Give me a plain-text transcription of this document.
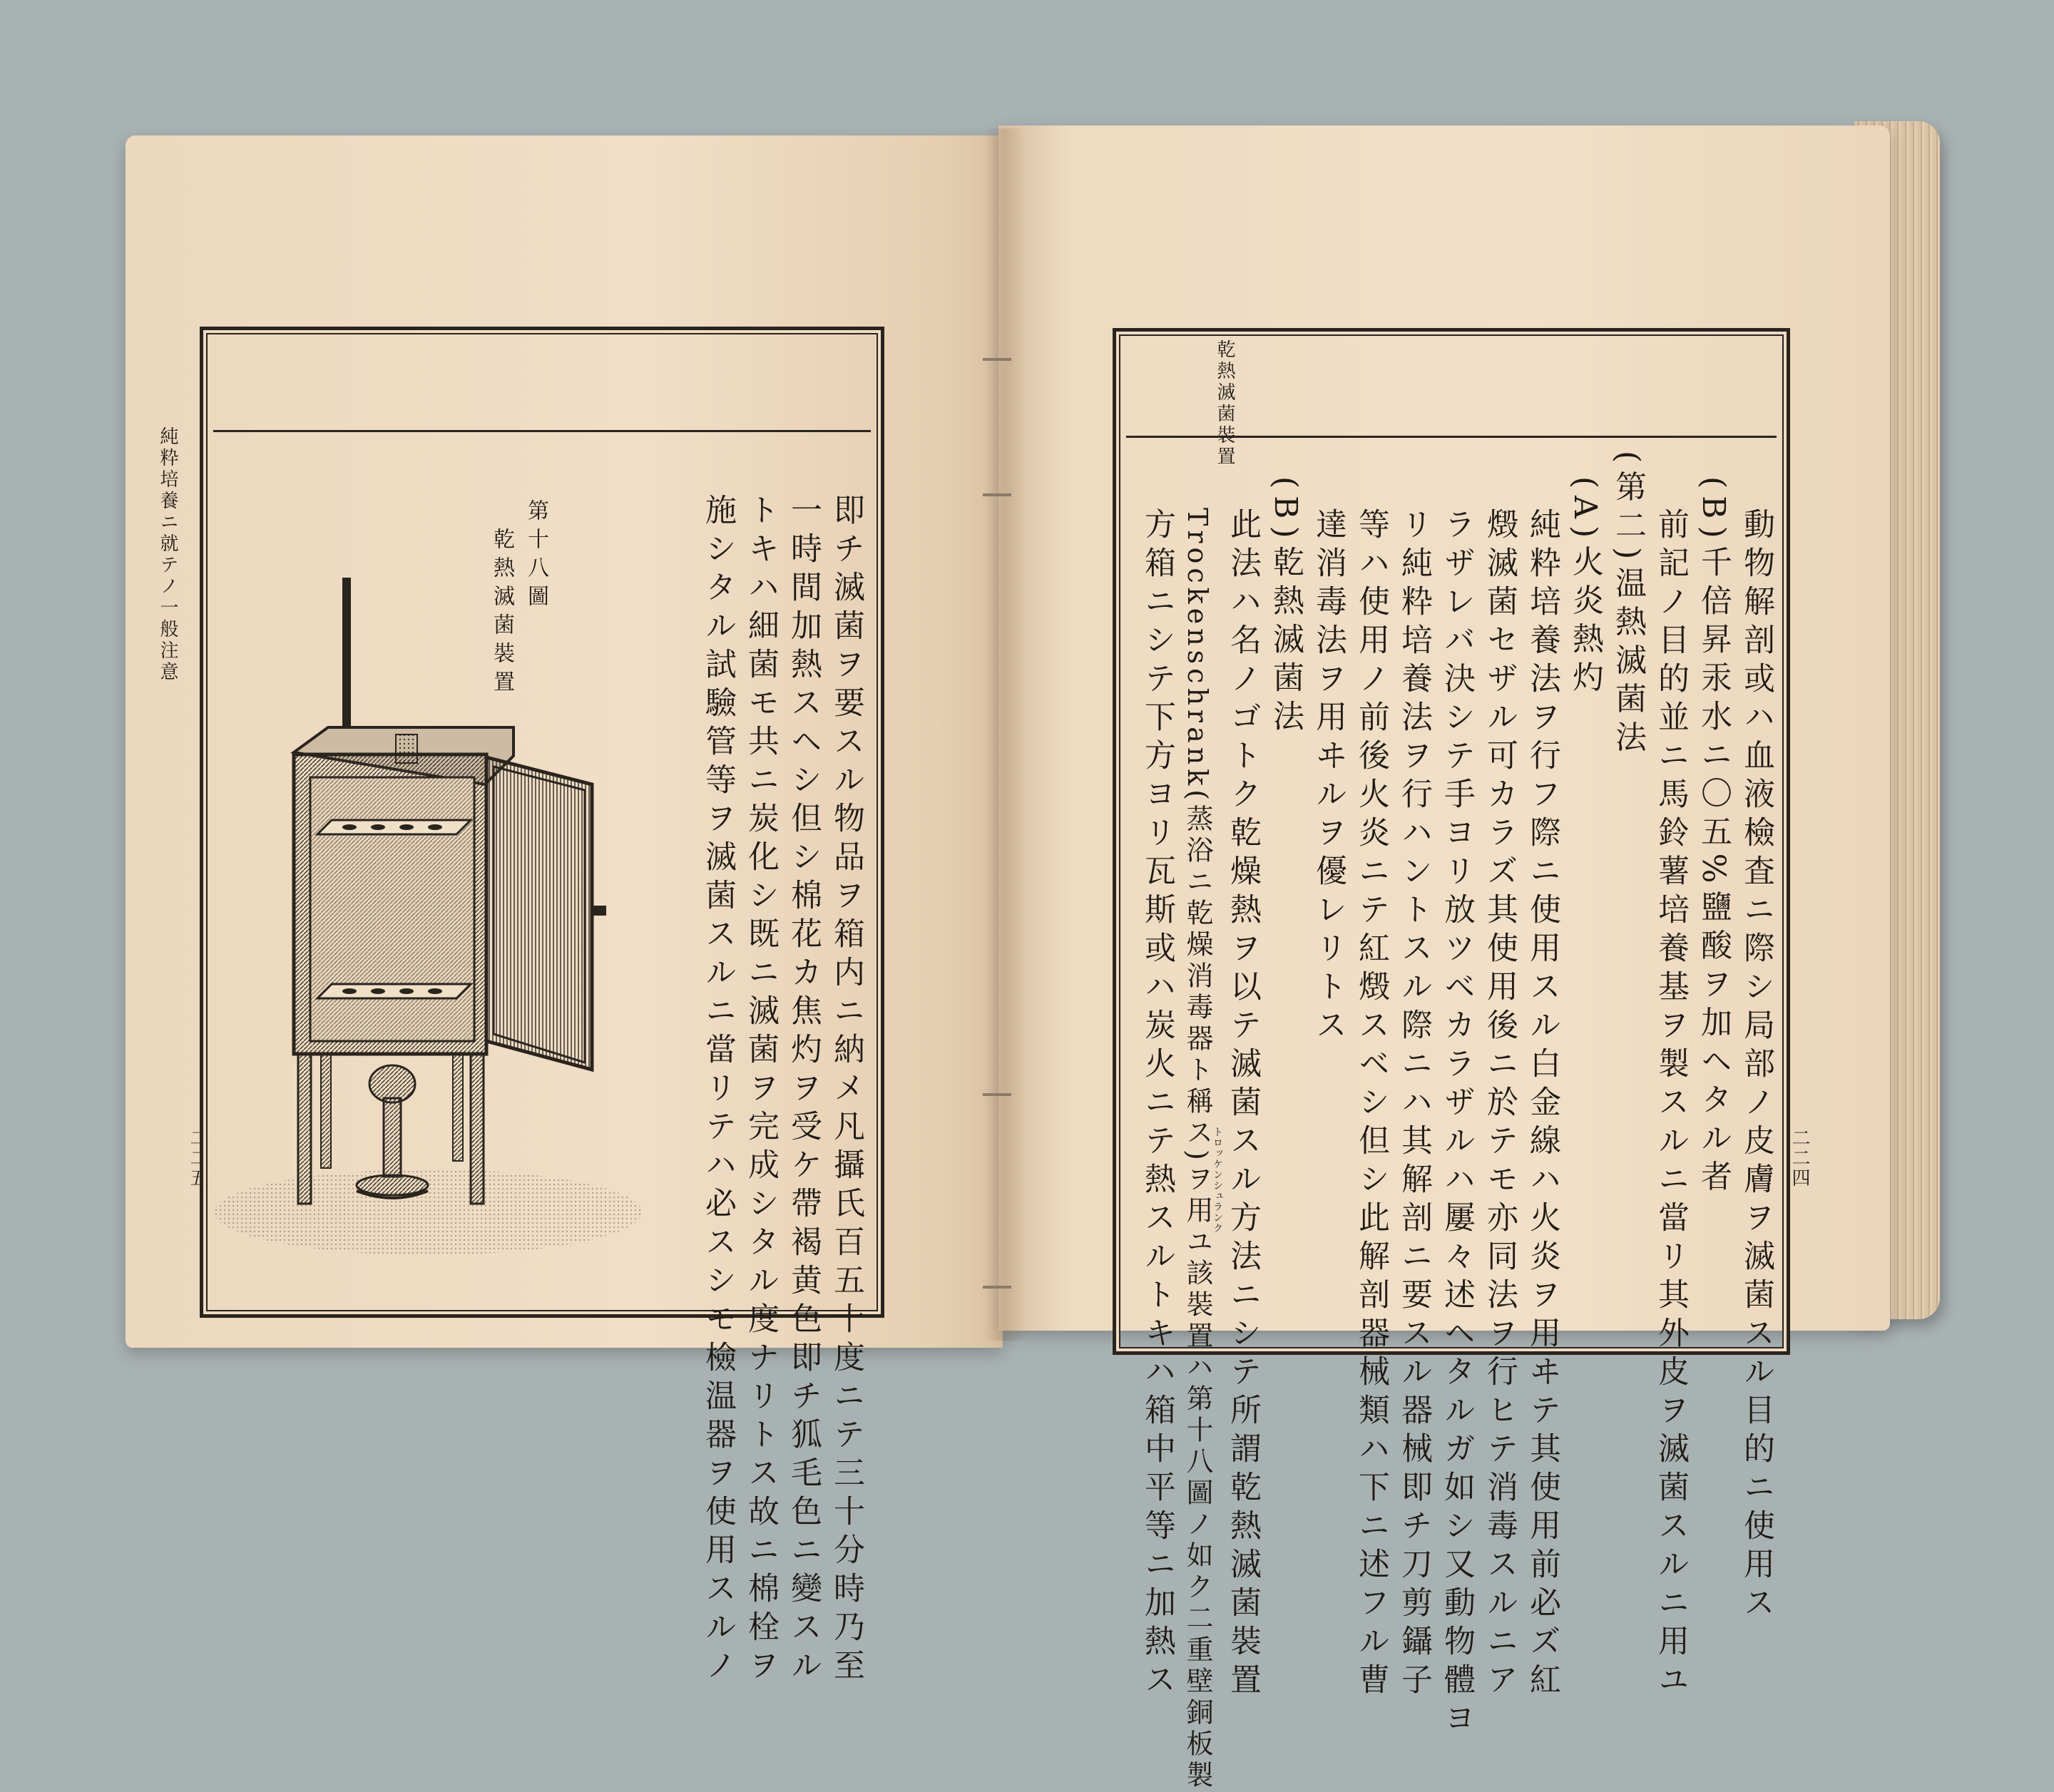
純粋培養ニ就テノ一般注意
二二五
第十八圖
乾熱滅菌裝置	即チ滅菌ヲ要スル物品ヲ箱内ニ納メ凡攝氏百五十度ニテ三十分時乃至
一時間加熱スヘシ但シ棉花カ焦灼ヲ受ケ帶褐黄色即チ狐毛色ニ變スル
トキハ細菌モ共ニ炭化シ既ニ滅菌ヲ完成シタル度ナリトス故ニ棉栓ヲ
施シタル試驗管等ヲ滅菌スルニ當リテハ必スシモ檢温器ヲ使用スルノ
乾熱滅菌裝置
二二四
動物解剖或ハ血液檢査ニ際シ局部ノ皮膚ヲ滅菌スル目的ニ使用ス
(B)千倍昇汞水ニ〇五%鹽酸ヲ加ヘタル者
前記ノ目的並ニ馬鈴薯培養基ヲ製スルニ當リ其外皮ヲ滅菌スルニ用ユ
(第二)温熱滅菌法
(A)火炎熱灼
純粋培養法ヲ行フ際ニ使用スル白金線ハ火炎ヲ用ヰテ其使用前必ズ紅
燬滅菌セザル可カラズ其使用後ニ於テモ亦同法ヲ行ヒテ消毒スルニア
ラザレバ決シテ手ヨリ放ツベカラザルハ屢々述ヘタルガ如シ又動物體ヨ
リ純粋培養法ヲ行ハントスル際ニハ其解剖ニ要スル器械即チ刀剪鑷子
等ハ使用ノ前後火炎ニテ紅燬スベシ但シ此解剖器械類ハ下ニ述フル曹
達消毒法ヲ用ヰルヲ優レリトス
(B)乾熱滅菌法
此法ハ名ノゴトク乾燥熱ヲ以テ滅菌スル方法ニシテ所謂乾熱滅菌裝置
Trockenschrank(蒸浴ニ乾燥消毒器ト稱ス)ヲ用ユ該裝置ハ第十八圖ノ如ク二重壁銅板製
方箱ニシテ下方ヨリ瓦斯或ハ炭火ニテ熱スルトキハ箱中平等ニ加熱ス	トロッケンシュランク
